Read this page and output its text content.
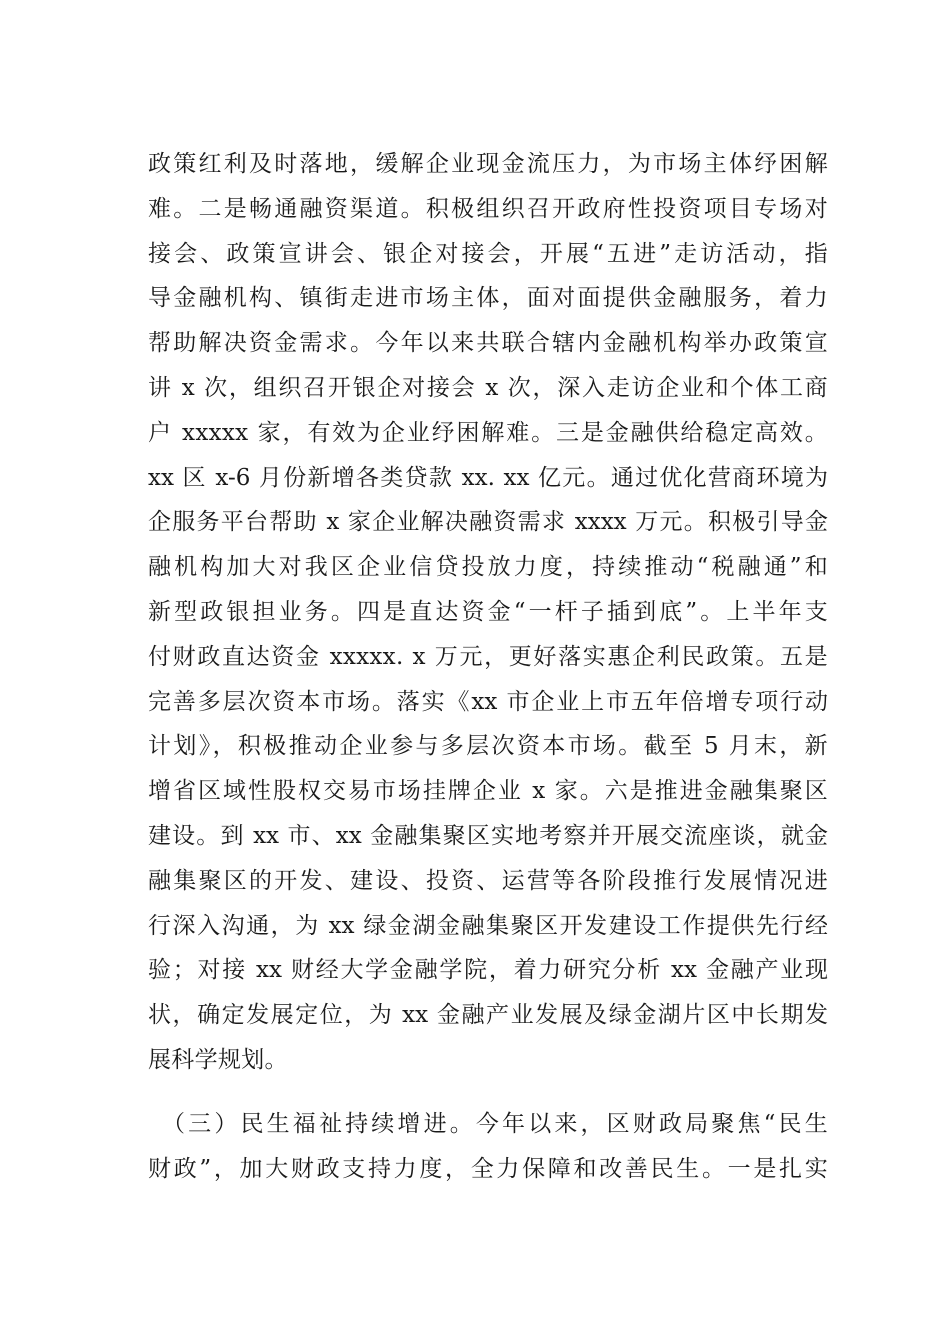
政策红利及时落地，缓解企业现金流压力，为市场主体纾困解
难。二是畅通融资渠道。积极组织召开政府性投资项目专场对
接会、政策宣讲会、银企对接会，开展“五进”走访活动，指
导金融机构、镇街走进市场主体，面对面提供金融服务，着力
帮助解决资金需求。今年以来共联合辖内金融机构举办政策宣
讲 x 次，组织召开银企对接会 x 次，深入走访企业和个体工商
户 xxxxx 家，有效为企业纾困解难。三是金融供给稳定高效。
xx 区 x-6 月份新增各类贷款 xx. xx 亿元。通过优化营商环境为
企服务平台帮助 x 家企业解决融资需求 xxxx 万元。积极引导金
融机构加大对我区企业信贷投放力度，持续推动“税融通”和
新型政银担业务。四是直达资金“一杆子插到底”。上半年支
付财政直达资金 xxxxx. x 万元，更好落实惠企利民政策。五是
完善多层次资本市场。落实《xx 市企业上市五年倍增专项行动
计划》，积极推动企业参与多层次资本市场。截至 5 月末，新
增省区域性股权交易市场挂牌企业 x 家。六是推进金融集聚区
建设。到 xx 市、xx 金融集聚区实地考察并开展交流座谈，就金
融集聚区的开发、建设、投资、运营等各阶段推行发展情况进
行深入沟通，为 xx 绿金湖金融集聚区开发建设工作提供先行经
验；对接 xx 财经大学金融学院，着力研究分析 xx 金融产业现
状，确定发展定位，为 xx 金融产业发展及绿金湖片区中长期发
展科学规划。
（三）民生福祉持续增进。今年以来，区财政局聚焦“民生
财政”，加大财政支持力度，全力保障和改善民生。一是扎实
